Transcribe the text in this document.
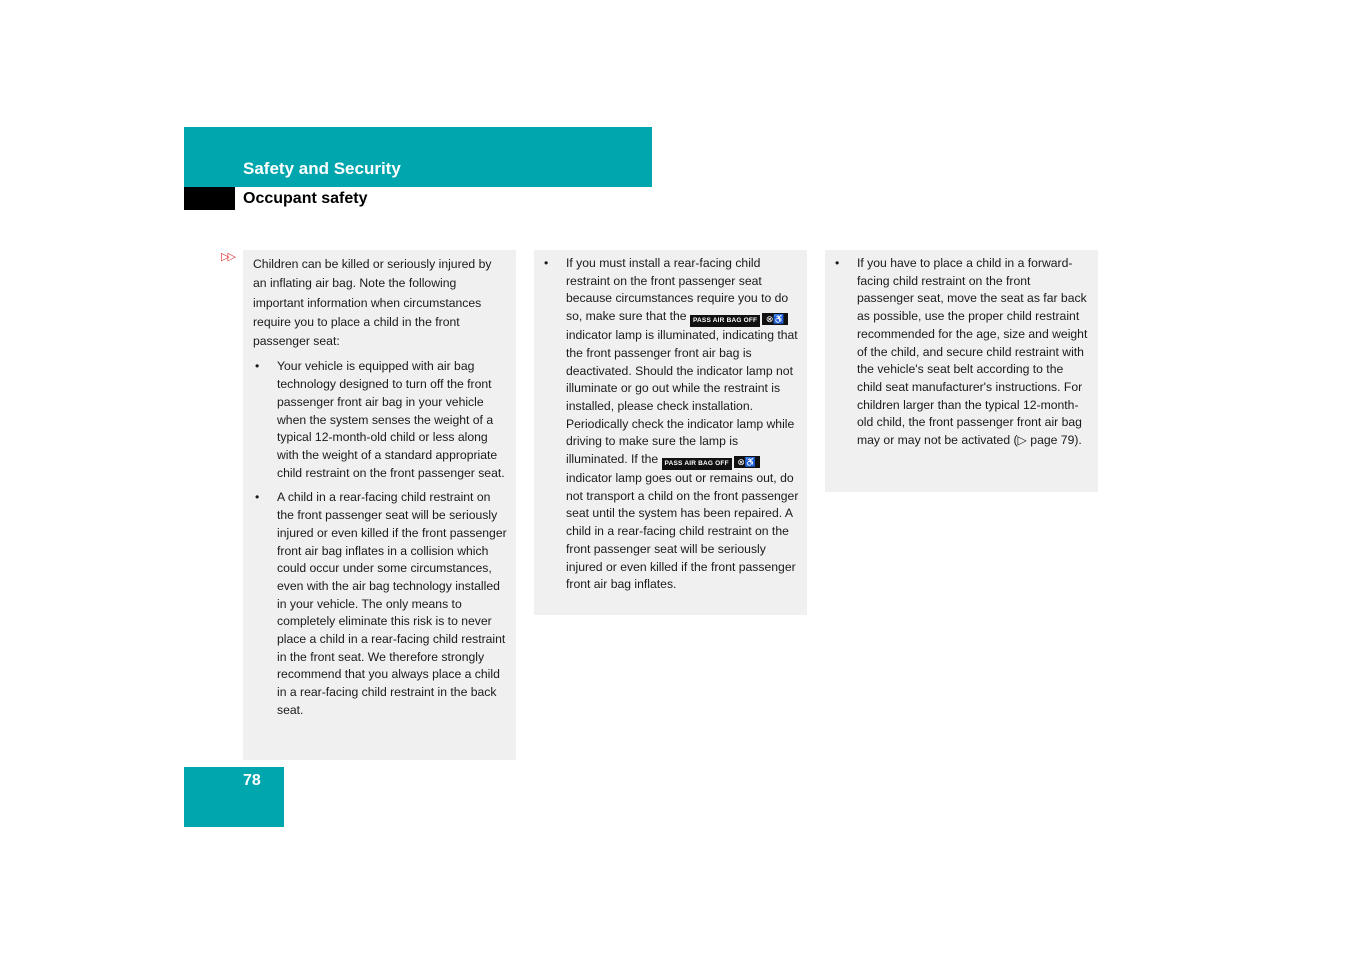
Safety and Security
Occupant safety
▷▷ Children can be killed or seriously injured by an inflating air bag. Note the following important information when circumstances require you to place a child in the front passenger seat:

• Your vehicle is equipped with air bag technology designed to turn off the front passenger front air bag in your vehicle when the system senses the weight of a typical 12-month-old child or less along with the weight of a standard appropriate child restraint on the front passenger seat.
• A child in a rear-facing child restraint on the front passenger seat will be seriously injured or even killed if the front passenger front air bag inflates in a collision which could occur under some circumstances, even with the air bag technology installed in your vehicle. The only means to completely eliminate this risk is to never place a child in a rear-facing child restraint in the front seat. We therefore strongly recommend that you always place a child in a rear-facing child restraint in the back seat.
• If you must install a rear-facing child restraint on the front passenger seat because circumstances require you to do so, make sure that the PASS AIR BAG OFF ⊗♿indicator lamp is illuminated, indicating that the front passenger front air bag is deactivated. Should the indicator lamp not illuminate or go out while the restraint is installed, please check installation. Periodically check the indicator lamp while driving to make sure the lamp is illuminated. If the PASS AIR BAG OFF ⊗♿indicator lamp goes out or remains out, do not transport a child on the front passenger seat until the system has been repaired. A child in a rear-facing child restraint on the front passenger seat will be seriously injured or even killed if the front passenger front air bag inflates.
• If you have to place a child in a forward-facing child restraint on the front passenger seat, move the seat as far back as possible, use the proper child restraint recommended for the age, size and weight of the child, and secure child restraint with the vehicle's seat belt according to the child seat manufacturer's instructions. For children larger than the typical 12-month-old child, the front passenger front air bag may or may not be activated (▷ page 79).
78
